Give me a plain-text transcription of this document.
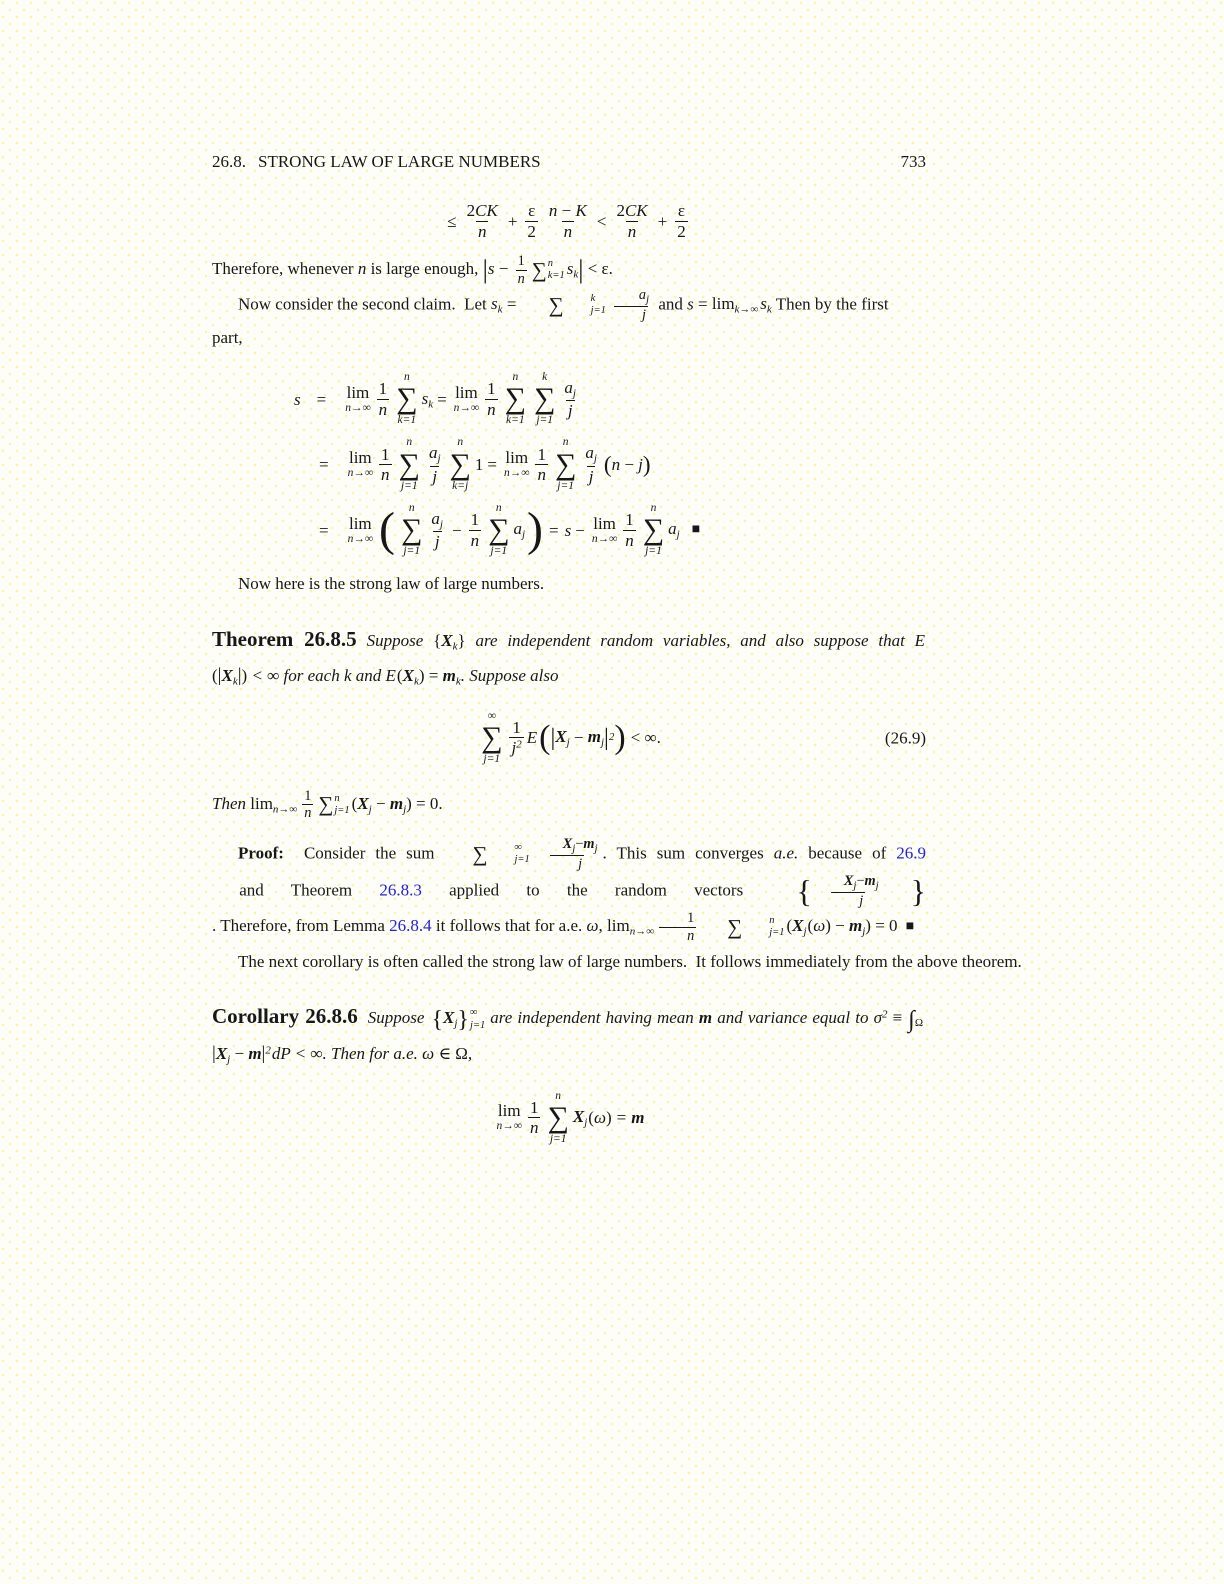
26.8. STRONG LAW OF LARGE NUMBERS	733
≤
2CK
n
+
ε
2
n − K
n
<
2CK
n
+
ε
2

Therefore, whenever n is large enough, $|s - \frac{1}{n}$ ∑ n
k=1 $s_k| < \varepsilon$.

Now consider the second claim.  Let $s_k$ =	∑	k
$j=1 \frac{a_j}{j}$ and $s = \lim_{k\to\infty} s_k$ Then by the first

part,

s = lim
n→∞
1
n
n
∑
k=1
$s_k = \lim$
n→∞
1
n
n
∑
k=1
k
∑
j=1
$a_j$
j
= lim
n→∞
1
n
n
∑
j=1
$a_j$
j
n
∑
k=j
1 = lim
n→∞
1
n
n
∑
j=1
$a_j$
j ( n − j )
= lim
n→∞ ( n
∑
j=1
$a_j$
j
−
1
n
n
∑
j=1
$a_j$ ) = s − lim
n→∞
1
n
n
∑
j=1
$a_j$ ■

Now here is the strong law of large numbers.

Theorem 26.8.5 Suppose $\{X_k\}$ are independent random variables, and also suppose that $E(|X_k|)$ < ∞ for each k and $E(X_k) = m_k$. Suppose also
∞
∑
j=1
1
$j^2$ E ( | $X_j - m_j$ | 2 ) < ∞.	(26.9)

Then $\lim_{n\to\infty} \frac{1}{n}$ ∑ n
j=1 $(X_j - m_j) = 0$.

Proof:  Consider the sum	∑	∞
$j=1 \frac{X_j-m_j}{j}$ . This sum converges a.e. because of 26.9 and Theorem 26.8.3 applied to the random vectors { $\frac{X_j-m_j}{j}$ }. Therefore, from Lemma 26.8.4 it follows that for a.e. ω, $\lim_{n\to\infty} \frac{1}{n}$	∑	n
j=1 $(X_j(\omega) - m_j) = 0$ ■

The next corollary is often called the strong law of large numbers.  It follows immediately from the above theorem.

Corollary 26.8.6 Suppose $\{X_j\}$ ∞
j=1 are independent having mean m and variance equal to $\sigma^2$ ≡ ∫ Ω
$|X_j - m|^2dP$ < ∞. Then for a.e. ω ∈ Ω,
lim
n→∞
1
n
n
∑
j=1
$X_j$ ( ω ) = m
